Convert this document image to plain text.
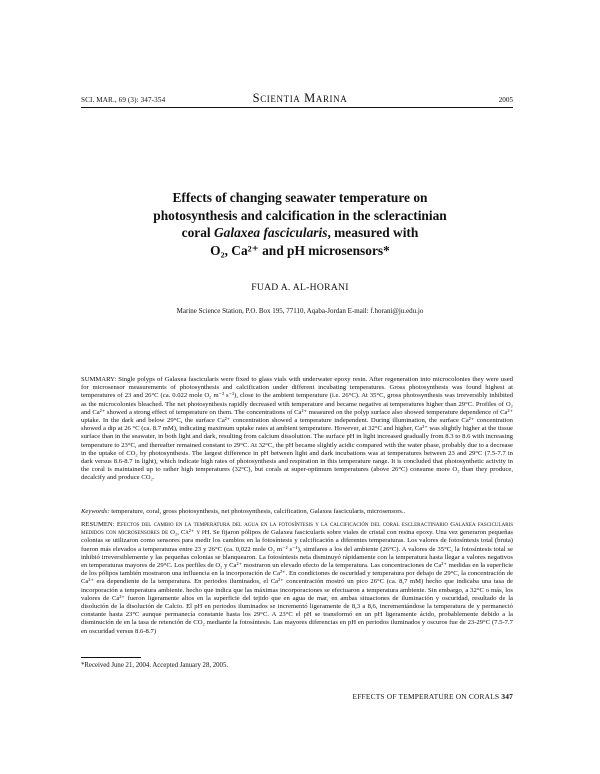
SCI. MAR., 69 (3): 347-354	Scientia Marina	2005
Effects of changing seawater temperature on
photosynthesis and calcification in the scleractinian
coral Galaxea fascicularis, measured with
O₂, Ca²⁺ and pH microsensors*
FUAD A. AL-HORANI
Marine Science Station, P.O. Box 195, 77110, Aqaba-Jordan E-mail: f.horani@ju.edu.jo
SUMMARY: Single polyps of Galaxea fascicularis were fixed to glass vials with underwater epoxy resin. After regeneration into microcolonies they were used for microsensor measurements of photosynthesis and calcification under different incubating temperatures. Gross photosynthesis was found highest at temperatures of 23 and 26°C (ca. 0.022 mole O₂ m⁻² s⁻¹), close to the ambient temperature (i.e. 26°C). At 35°C, gross photosynthesis was irreversibly inhibited as the microcolonies bleached. The net photosynthesis rapidly decreased with temperature and became negative at temperatures higher than 29°C. Profiles of O₂ and Ca²⁺ showed a strong effect of temperature on them. The concentrations of Ca²⁺ measured on the polyp surface also showed temperature dependence of Ca²⁺ uptake. In the dark and below 29°C, the surface Ca²⁺ concentration showed a temperature independent. During illumination, the surface Ca²⁺ concentration showed a dip at 26 °C (ca. 8.7 mM), indicating maximum uptake rates at ambient temperature. However, at 32°C and higher, Ca²⁺ was slightly higher at the tissue surface than in the seawater, in both light and dark, resulting from calcium dissolution. The surface pH in light increased gradually from 8.3 to 8.6 with increasing temperature to 23°C, and thereafter remained constant to 29°C. At 32°C, the pH became slightly acidic compared with the water phase, probably due to a decrease in the uptake of CO₂ by photosynthesis. The largest difference in pH between light and dark incubations was at temperatures between 23 and 29°C (7.5-7.7 in dark versus 8.6-8.7 in light), which indicate high rates of photosynthesis and respiration in this temperature range. It is concluded that photosynthetic activity in the coral is maintained up to rather high temperatures (32°C), but corals at super-optimum temperatures (above 26°C) consume more O₂ than they produce, decalcify and produce CO₂.
Keywords: temperature, coral, gross photosynthesis, net photosynthesis, calcification, Galaxea fascicularis, microsensors..
RESUMEN: Efectos del cambio en la temperatura del agua en la fotosíntesis y la calcificación del coral escleractinario Galaxea fascicularis medidos con microsensores de O₂, Ca²⁺ y pH. Se fijaron pólipos de Galaxea fascicularis sobre viales de cristal con resina epoxy. Una vez generaron pequeñas colonias se utilizaron como sensores para medir los cambios en la fotosíntesis y calcificación a diferentes temperaturas. Los valores de fotosíntesis total (bruta) fueron más elevados a temperaturas entre 23 y 26°C (ca. 0,022 mole O₂ m⁻² s⁻¹), similares a los del ambiente (26°C). A valores de 35°C, la fotosíntesis total se inhibió irreversiblemente y las pequeñas colonias se blanquearon. La fotosíntesis neta disminuyó rápidamente con la temperatura hasta llegar a valores negativos en temperaturas mayores de 29°C. Los perfiles de O₂ y Ca²⁺ mostraron un elevado efecto de la temperatura. Las concentraciones de Ca²⁺ medidas en la superficie de los pólipos también mostraron una influencia en la incorporación de Ca²⁺. En condiciones de oscuridad y temperatura por debajo de 29°C, la concentración de Ca²⁺ era dependiente de la temperatura. En periodos iluminados, el Ca²⁺ concentración mostró un pico 26°C (ca. 8,7 mM) hecho que indicaba una tasa de incorporación a temperatura ambiente. hecho que indica que las máximas incorporaciones se efectuaron a temperatura ambiente. Sin embargo, a 32°C o más, los valores de Ca²⁺ fueron ligeramente altos en la superficie del tejido que en agua de mar, en ambas situaciones de iluminación y oscuridad, resultado de la disolución de la disolución de Calcio. El pH en periodos iluminados se incrementó ligeramente de 8,3 a 8,6, incrementándose la temperatura de y permaneció constante hasta 23°C aunque permanecía constante hasta los 29°C. A 23°C el pH se transformó en un pH ligeramente ácido, probablemente debido a la disminución de en la tasa de retención de CO₂ mediante la fotosíntesis. Las mayores diferencias en pH en periodos iluminados y oscuros fue de 23-29°C (7.5-7.7 en oscuridad versus 8.6-8.7)
*Received June 21, 2004. Accepted January 28, 2005.
EFFECTS OF TEMPERATURE ON CORALS 347
